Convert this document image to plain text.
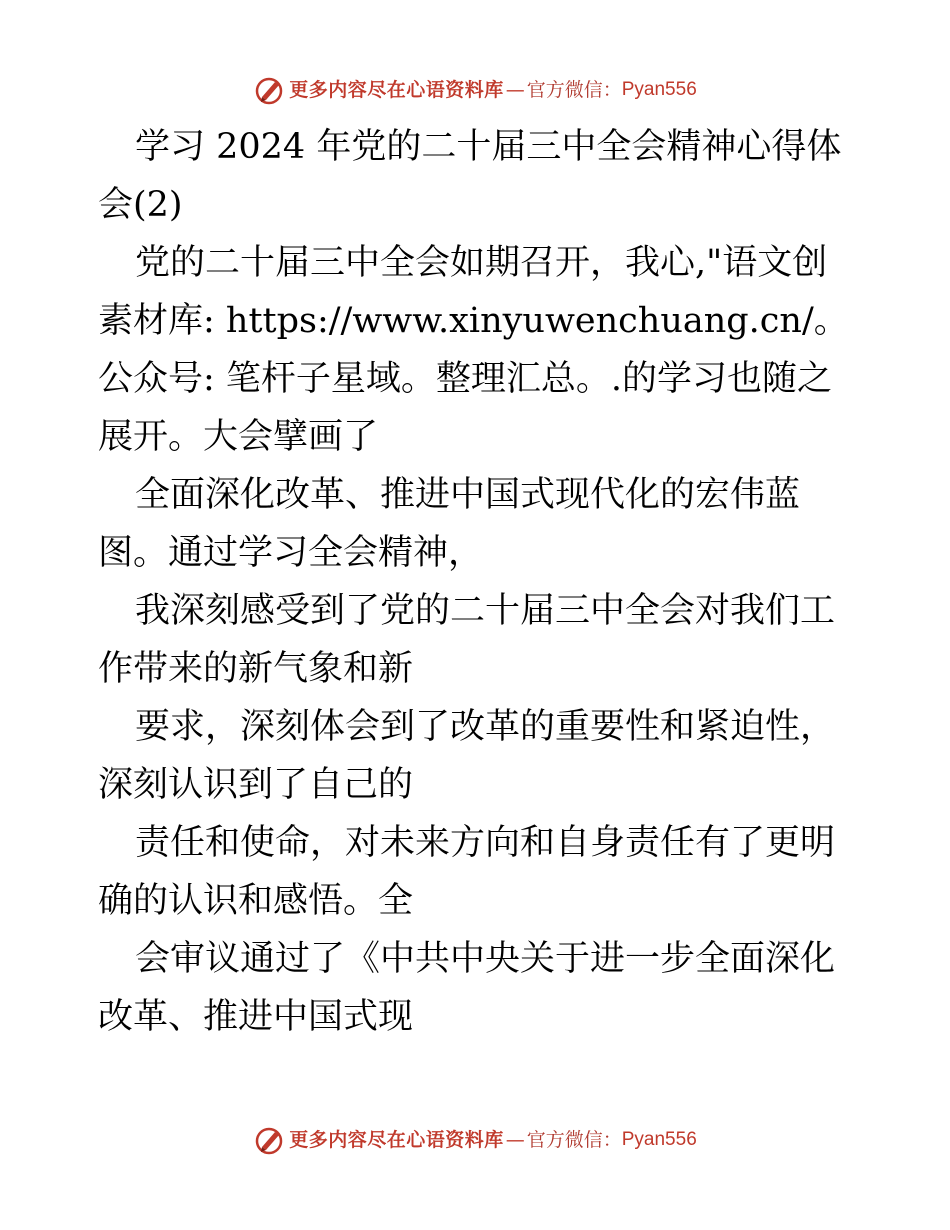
更多内容尽在心语资料库 — 官方微信： Pyan556

学习 2024 年党的二十届三中全会精神心得体会(2)

党的二十届三中全会如期召开，我心,"语文创素材库: https://www.xinyuwenchuang.cn/。公众号: 笔杆子星域。整理汇总。.的学习也随之展开。大会擘画了

全面深化改革、推进中国式现代化的宏伟蓝图。通过学习全会精神，

我深刻感受到了党的二十届三中全会对我们工作带来的新气象和新

要求，深刻体会到了改革的重要性和紧迫性，深刻认识到了自己的

责任和使命，对未来方向和自身责任有了更明确的认识和感悟。全

会审议通过了《中共中央关于进一步全面深化改革、推进中国式现

更多内容尽在心语资料库 — 官方微信： Pyan556
